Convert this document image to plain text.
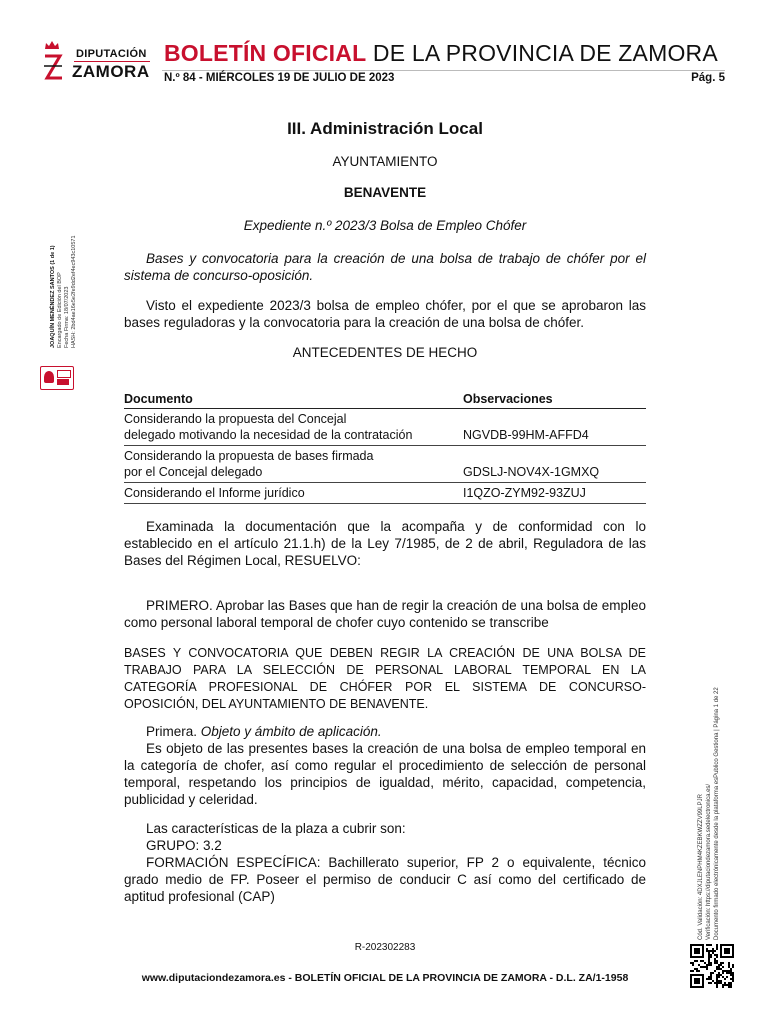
DIPUTACIÓN
ZAMORA
BOLETÍN OFICIAL DE LA PROVINCIA DE ZAMORA
N.º 84 - MIÉRCOLES 19 DE JULIO DE 2023	Pág. 5
JOAQUÍN MENÉNDEZ SANTOS (1 de 1) Encargado de Edición del BOP Fecha Firma: 18/07/2023 HASH: 2bd4ae16e5e2fe9dd2ef4ec943c10571
Cód. Validación: 4DXJLENPHM4KZEBKWZZV99LPJR Verificación: https://diputaciondezamora.sedelectronica.es/ Documento firmado electrónicamente desde la plataforma esPublico Gestiona | Página 1 de 22
III. Administración Local
AYUNTAMIENTO
BENAVENTE
Expediente n.º 2023/3 Bolsa de Empleo Chófer
Bases y convocatoria para la creación de una bolsa de trabajo de chófer por el sistema de concurso-oposición.
Visto el expediente 2023/3 bolsa de empleo chófer, por el que se aprobaron las bases reguladoras y la convocatoria para la creación de una bolsa de chófer.
ANTECEDENTES DE HECHO
Documento	Observaciones

Considerando la propuesta del Concejal
delegado motivando la necesidad de la contratación	NGVDB-99HM-AFFD4

Considerando la propuesta de bases firmada
por el Concejal delegado	GDSLJ-NOV4X-1GMXQ

Considerando el Informe jurídico	I1QZO-ZYM92-93ZUJ
Examinada la documentación que la acompaña y de conformidad con lo establecido en el artículo 21.1.h) de la Ley 7/1985, de 2 de abril, Reguladora de las Bases del Régimen Local, RESUELVO:
PRIMERO. Aprobar las Bases que han de regir la creación de una bolsa de empleo como personal laboral temporal de chofer cuyo contenido se transcribe
BASES Y CONVOCATORIA QUE DEBEN REGIR LA CREACIÓN DE UNA BOLSA DE TRABAJO PARA LA SELECCIÓN DE PERSONAL LABORAL TEMPORAL EN LA CATEGORÍA PROFESIONAL DE CHÓFER POR EL SISTEMA DE CONCURSO-OPOSICIÓN, DEL AYUNTAMIENTO DE BENAVENTE.
Primera. Objeto y ámbito de aplicación.
Es objeto de las presentes bases la creación de una bolsa de empleo temporal en la categoría de chofer, así como regular el procedimiento de selección de personal temporal, respetando los principios de igualdad, mérito, capacidad, competencia, publicidad y celeridad.
Las características de la plaza a cubrir son:
GRUPO: 3.2
FORMACIÓN ESPECÍFICA: Bachillerato superior, FP 2 o equivalente, técnico grado medio de FP. Poseer el permiso de conducir C así como del certificado de aptitud profesional (CAP)
R-202302283
www.diputaciondezamora.es - BOLETÍN OFICIAL DE LA PROVINCIA DE ZAMORA - D.L. ZA/1-1958
